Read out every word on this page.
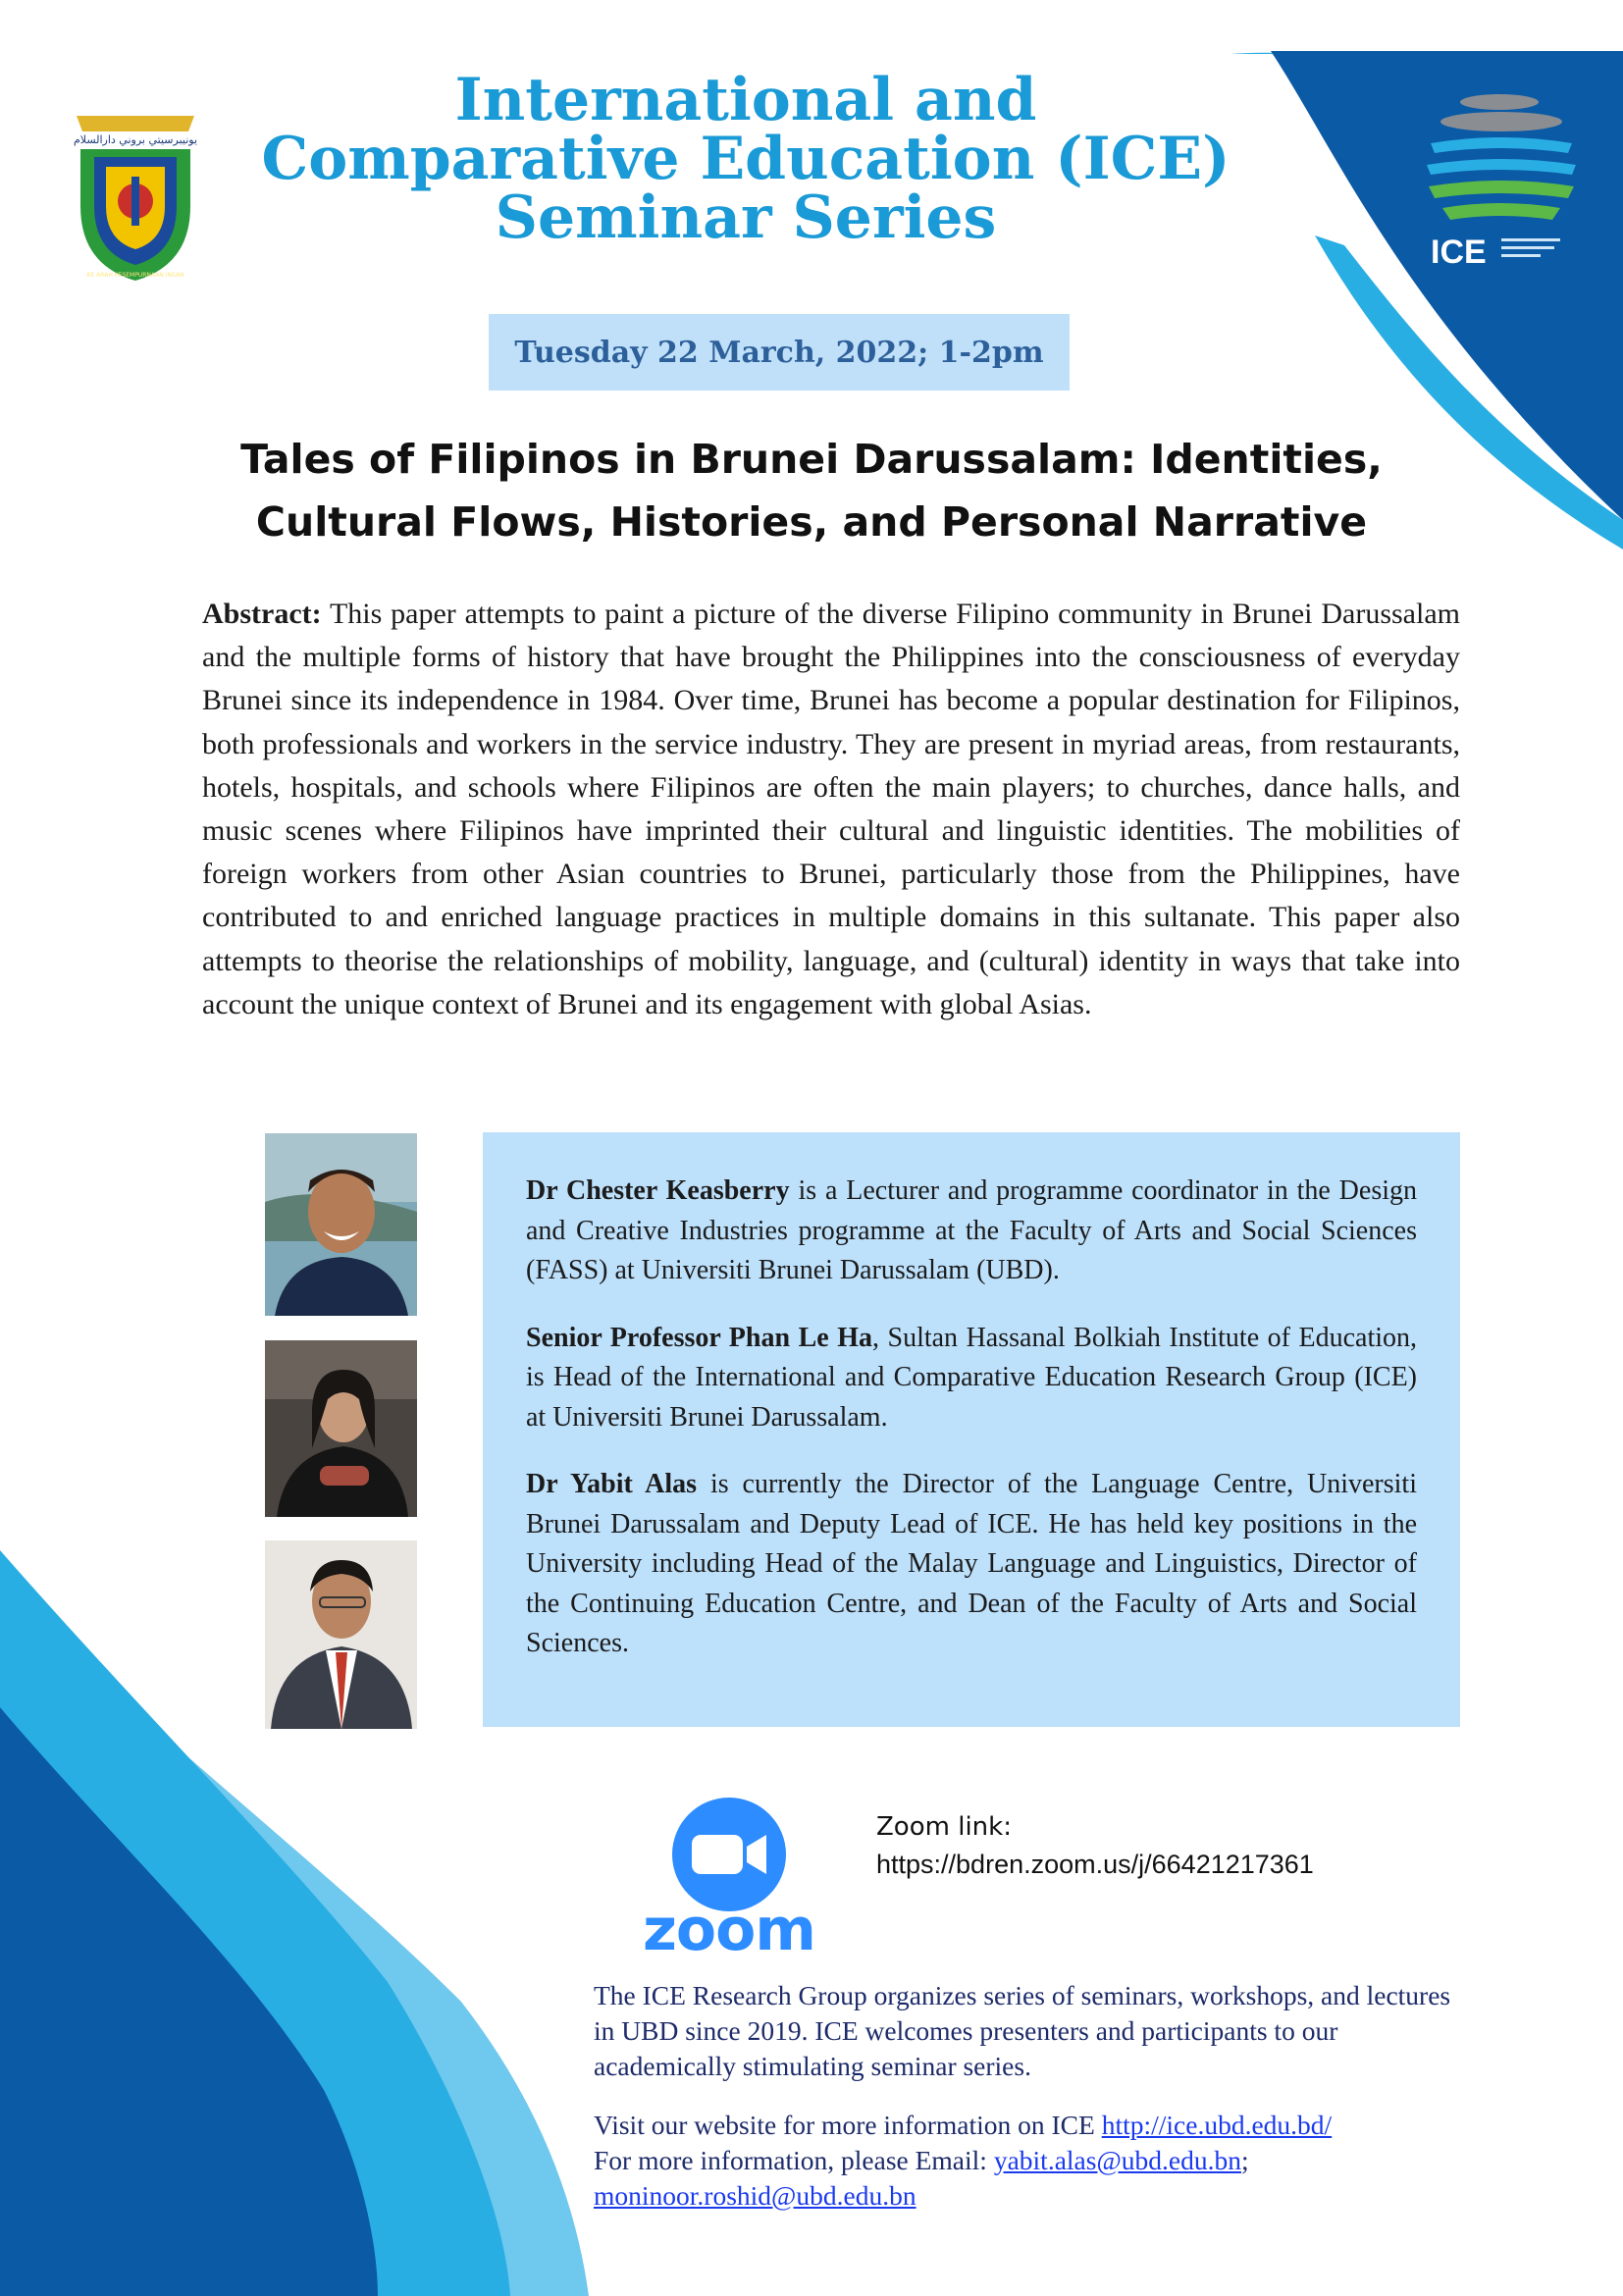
يونيبرسيتي بروني دارالسلام
KE ARAH KESEMPURNAAN INSAN
ICE
International and
Comparative Education (ICE)
Seminar Series
Tuesday 22 March, 2022; 1-2pm
Tales of Filipinos in Brunei Darussalam: Identities,
Cultural Flows, Histories, and Personal Narrative

Abstract: This paper attempts to paint a picture of the diverse Filipino community in Brunei Darussalam and the multiple forms of history that have brought the Philippines into the consciousness of everyday Brunei since its independence in 1984. Over time, Brunei has become a popular destination for Filipinos, both professionals and workers in the service industry. They are present in myriad areas, from restaurants, hotels, hospitals, and schools where Filipinos are often the main players; to churches, dance halls, and music scenes where Filipinos have imprinted their cultural and linguistic identities. The mobilities of foreign workers from other Asian countries to Brunei, particularly those from the Philippines, have contributed to and enriched language practices in multiple domains in this sultanate. This paper also attempts to theorise the relationships of mobility, language, and (cultural) identity in ways that take into account the unique context of Brunei and its engagement with global Asias.

Dr Chester Keasberry is a Lecturer and programme coordinator in the Design and Creative Industries programme at the Faculty of Arts and Social Sciences (FASS) at Universiti Brunei Darussalam (UBD).

Senior Professor Phan Le Ha, Sultan Hassanal Bolkiah Institute of Education, is Head of the International and Comparative Education Research Group (ICE) at Universiti Brunei Darussalam.

Dr Yabit Alas is currently the Director of the Language Centre, Universiti Brunei Darussalam and Deputy Lead of ICE. He has held key positions in the University including Head of the Malay Language and Linguistics, Director of the Continuing Education Centre, and Dean of the Faculty of Arts and Social Sciences.

zoom

Zoom link:

https://bdren.zoom.us/j/66421217361

The ICE Research Group organizes series of seminars, workshops, and lectures in UBD since 2019. ICE welcomes presenters and participants to our academically stimulating seminar series.

Visit our website for more information on ICE http://ice.ubd.edu.bd/

For more information, please Email: yabit.alas@ubd.edu.bn;

moninoor.roshid@ubd.edu.bn
